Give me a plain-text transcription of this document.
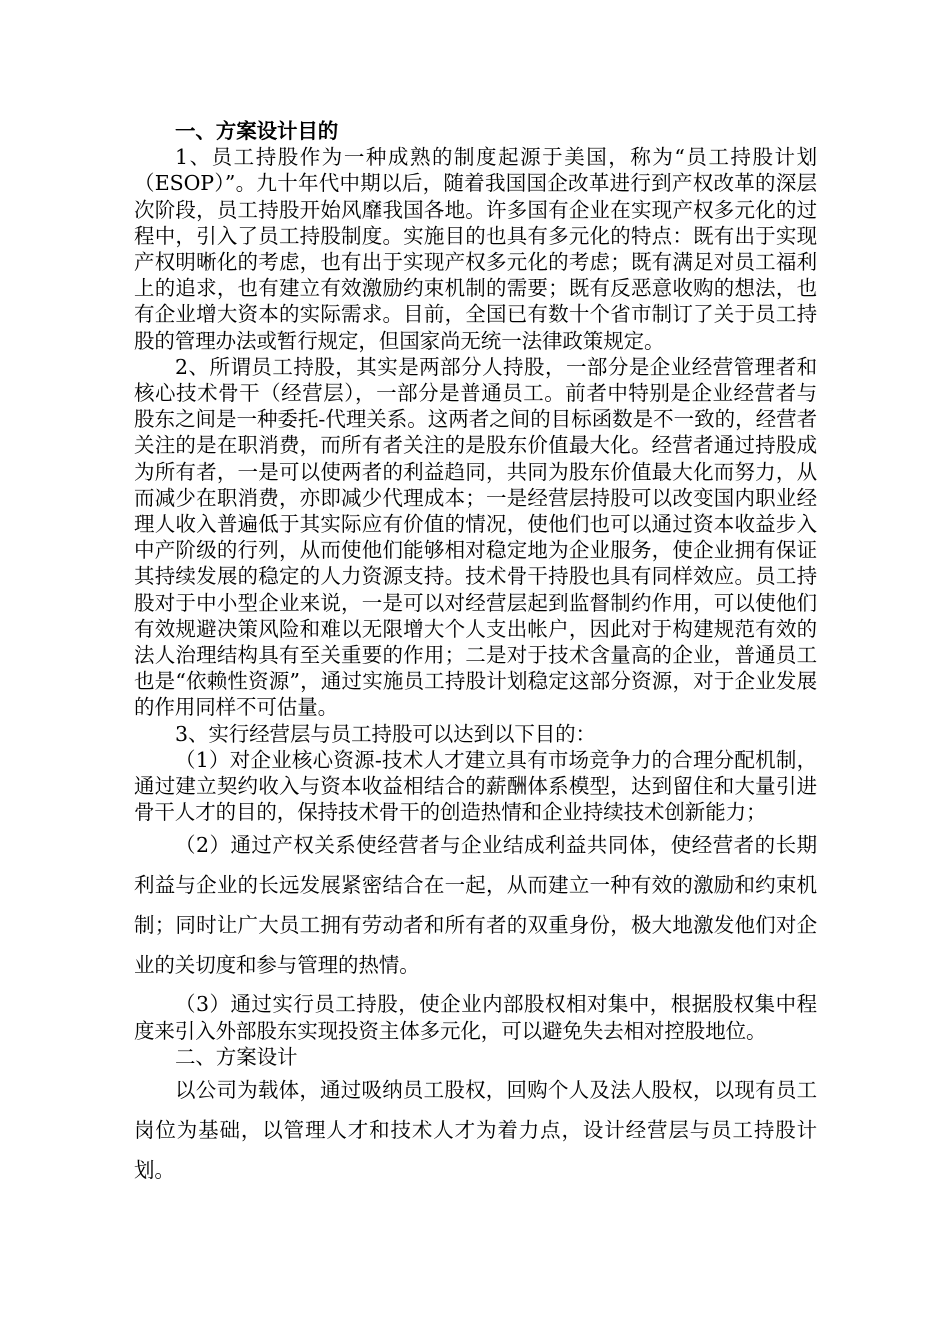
一、方案设计目的

1、员工持股作为一种成熟的制度起源于美国，称为“员工持股计划（ESOP）”。九十年代中期以后，随着我国国企改革进行到产权改革的深层次阶段，员工持股开始风靡我国各地。许多国有企业在实现产权多元化的过程中，引入了员工持股制度。实施目的也具有多元化的特点：既有出于实现产权明晰化的考虑，也有出于实现产权多元化的考虑；既有满足对员工福利上的追求，也有建立有效激励约束机制的需要；既有反恶意收购的想法，也有企业增大资本的实际需求。目前，全国已有数十个省市制订了关于员工持股的管理办法或暂行规定，但国家尚无统一法律政策规定。

2、所谓员工持股，其实是两部分人持股，一部分是企业经营管理者和核心技术骨干（经营层），一部分是普通员工。前者中特别是企业经营者与股东之间是一种委托-代理关系。这两者之间的目标函数是不一致的，经营者关注的是在职消费，而所有者关注的是股东价值最大化。经营者通过持股成为所有者，一是可以使两者的利益趋同，共同为股东价值最大化而努力，从而减少在职消费，亦即减少代理成本；一是经营层持股可以改变国内职业经理人收入普遍低于其实际应有价值的情况，使他们也可以通过资本收益步入中产阶级的行列，从而使他们能够相对稳定地为企业服务，使企业拥有保证其持续发展的稳定的人力资源支持。技术骨干持股也具有同样效应。员工持股对于中小型企业来说，一是可以对经营层起到监督制约作用，可以使他们有效规避决策风险和难以无限增大个人支出帐户，因此对于构建规范有效的法人治理结构具有至关重要的作用；二是对于技术含量高的企业，普通员工也是“依赖性资源”，通过实施员工持股计划稳定这部分资源，对于企业发展的作用同样不可估量。

3、实行经营层与员工持股可以达到以下目的：

（1）对企业核心资源-技术人才建立具有市场竞争力的合理分配机制，通过建立契约收入与资本收益相结合的薪酬体系模型，达到留住和大量引进骨干人才的目的，保持技术骨干的创造热情和企业持续技术创新能力；

（2）通过产权关系使经营者与企业结成利益共同体，使经营者的长期利益与企业的长远发展紧密结合在一起，从而建立一种有效的激励和约束机制；同时让广大员工拥有劳动者和所有者的双重身份，极大地激发他们对企业的关切度和参与管理的热情。

（3）通过实行员工持股，使企业内部股权相对集中，根据股权集中程度来引入外部股东实现投资主体多元化，可以避免失去相对控股地位。

二、方案设计

以公司为载体，通过吸纳员工股权，回购个人及法人股权，以现有员工岗位为基础，以管理人才和技术人才为着力点，设计经营层与员工持股计划。
